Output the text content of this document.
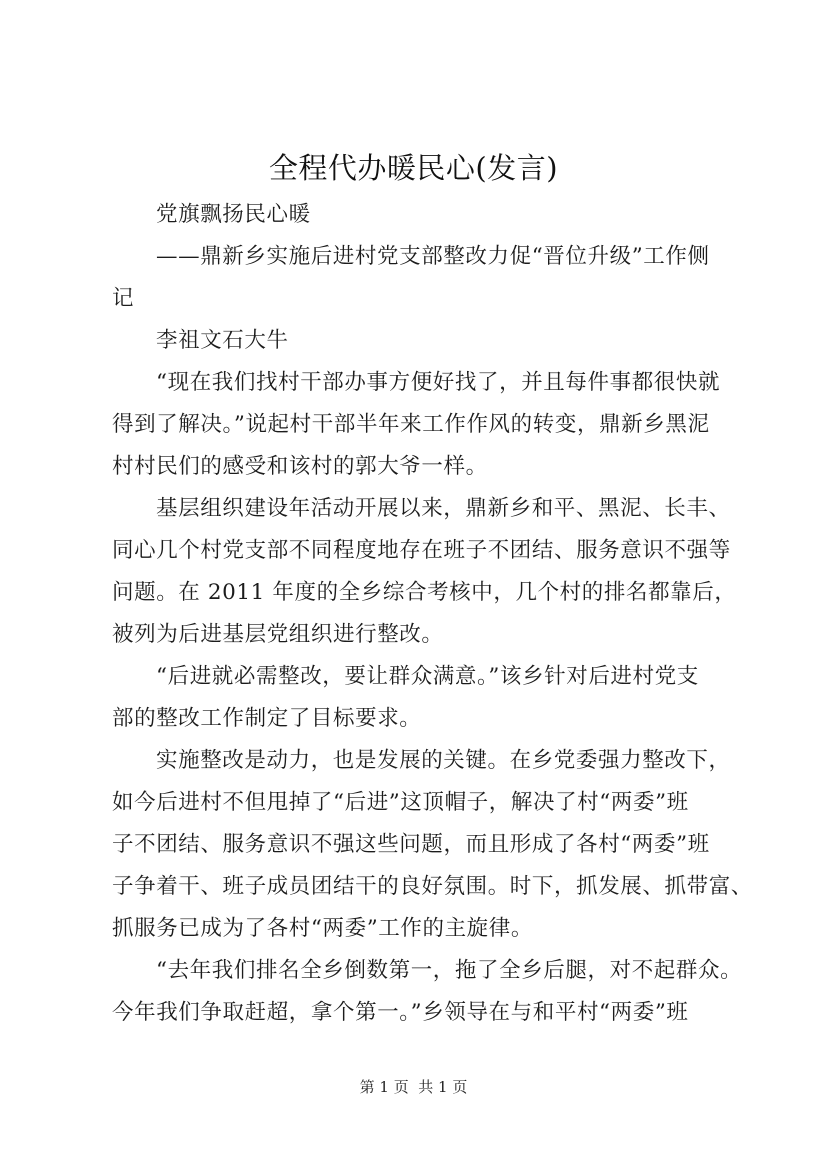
全程代办暖民心(发言)
党旗飘扬民心暖
——鼎新乡实施后进村党支部整改力促“晋位升级”工作侧
记
李祖文石大牛
“现在我们找村干部办事方便好找了，并且每件事都很快就
得到了解决。”说起村干部半年来工作作风的转变，鼎新乡黑泥
村村民们的感受和该村的郭大爷一样。
基层组织建设年活动开展以来，鼎新乡和平、黑泥、长丰、
同心几个村党支部不同程度地存在班子不团结、服务意识不强等
问题。在 2011 年度的全乡综合考核中，几个村的排名都靠后，
被列为后进基层党组织进行整改。
“后进就必需整改，要让群众满意。”该乡针对后进村党支
部的整改工作制定了目标要求。
实施整改是动力，也是发展的关键。在乡党委强力整改下，
如今后进村不但甩掉了“后进”这顶帽子，解决了村“两委”班
子不团结、服务意识不强这些问题，而且形成了各村“两委”班
子争着干、班子成员团结干的良好氛围。时下，抓发展、抓带富、
抓服务已成为了各村“两委”工作的主旋律。
“去年我们排名全乡倒数第一，拖了全乡后腿，对不起群众。
今年我们争取赶超，拿个第一。”乡领导在与和平村“两委”班
第 1 页  共 1 页
